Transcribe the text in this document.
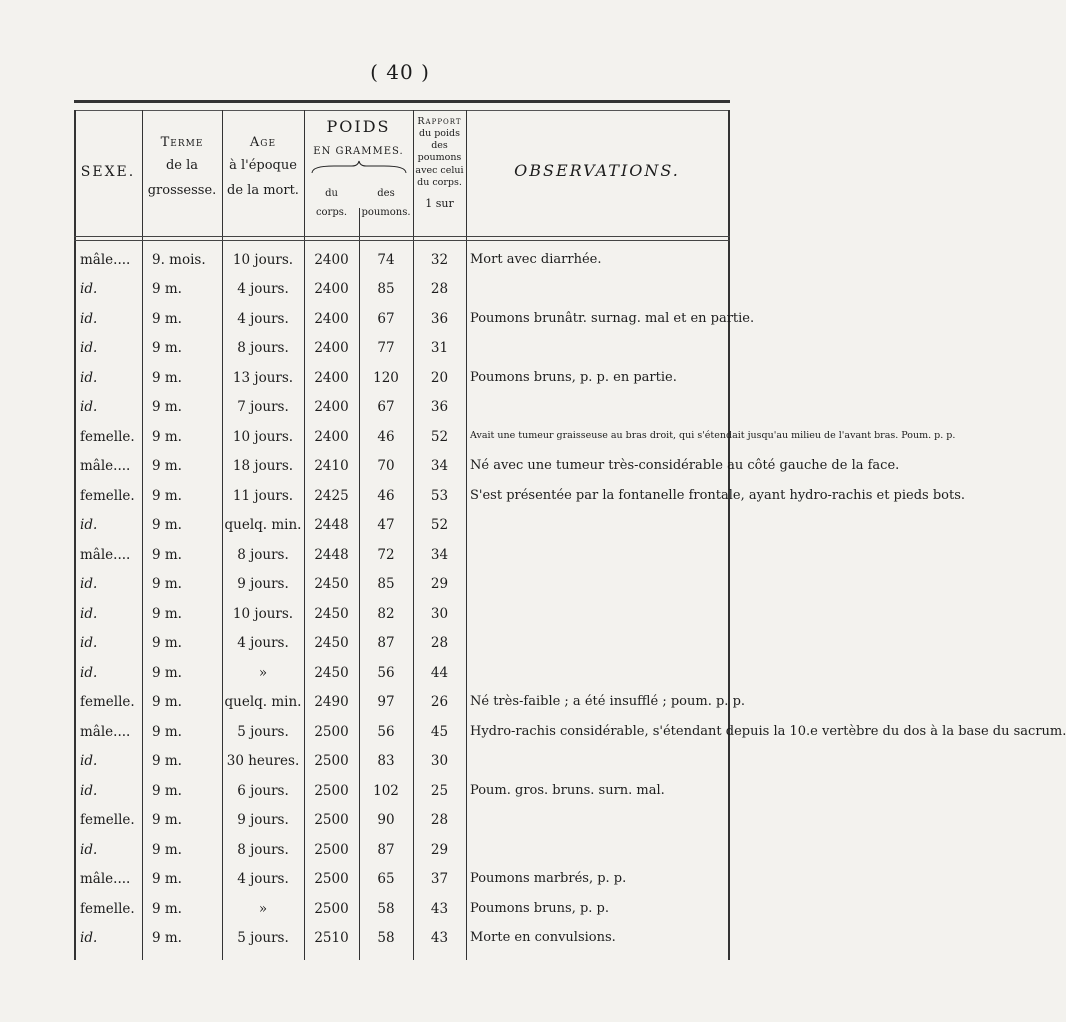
( 40 )
SEXE.
Terme
de la
grossesse.
Age
à l'époque
de la mort.
POIDS
EN GRAMMES.
du
corps.
des
poumons.
Rapport
du poids
des
poumons
avec celui
du corps.
1 sur
OBSERVATIONS.
mâle....	9. mois.	10 jours.	2400	74	32	Mort avec diarrhée.
id.	9 m.	4 jours.	2400	85	28	
id.	9 m.	4 jours.	2400	67	36	Poumons brunâtr. surnag. mal et en partie.
id.	9 m.	8 jours.	2400	77	31	
id.	9 m.	13 jours.	2400	120	20	Poumons bruns, p. p. en partie.
id.	9 m.	7 jours.	2400	67	36	
femelle.	9 m.	10 jours.	2400	46	52	Avait une tumeur graisseuse au bras droit, qui s'étendait jusqu'au milieu de l'avant bras. Poum. p. p.
mâle....	9 m.	18 jours.	2410	70	34	Né avec une tumeur très-considérable au côté gauche de la face.
femelle.	9 m.	11 jours.	2425	46	53	S'est présentée par la fontanelle frontale, ayant hydro-rachis et pieds bots.
id.	9 m.	quelq. min.	2448	47	52	
mâle....	9 m.	8 jours.	2448	72	34	
id.	9 m.	9 jours.	2450	85	29	
id.	9 m.	10 jours.	2450	82	30	
id.	9 m.	4 jours.	2450	87	28	
id.	9 m.	»	2450	56	44	
femelle.	9 m.	quelq. min.	2490	97	26	Né très-faible ; a été insufflé ; poum. p. p.
mâle....	9 m.	5 jours.	2500	56	45	Hydro-rachis considérable, s'étendant depuis la 10.e vertèbre du dos à la base du sacrum.
id.	9 m.	30 heures.	2500	83	30	
id.	9 m.	6 jours.	2500	102	25	Poum. gros. bruns. surn. mal.
femelle.	9 m.	9 jours.	2500	90	28	
id.	9 m.	8 jours.	2500	87	29	
mâle....	9 m.	4 jours.	2500	65	37	Poumons marbrés, p. p.
femelle.	9 m.	»	2500	58	43	Poumons bruns, p. p.
id.	9 m.	5 jours.	2510	58	43	Morte en convulsions.
